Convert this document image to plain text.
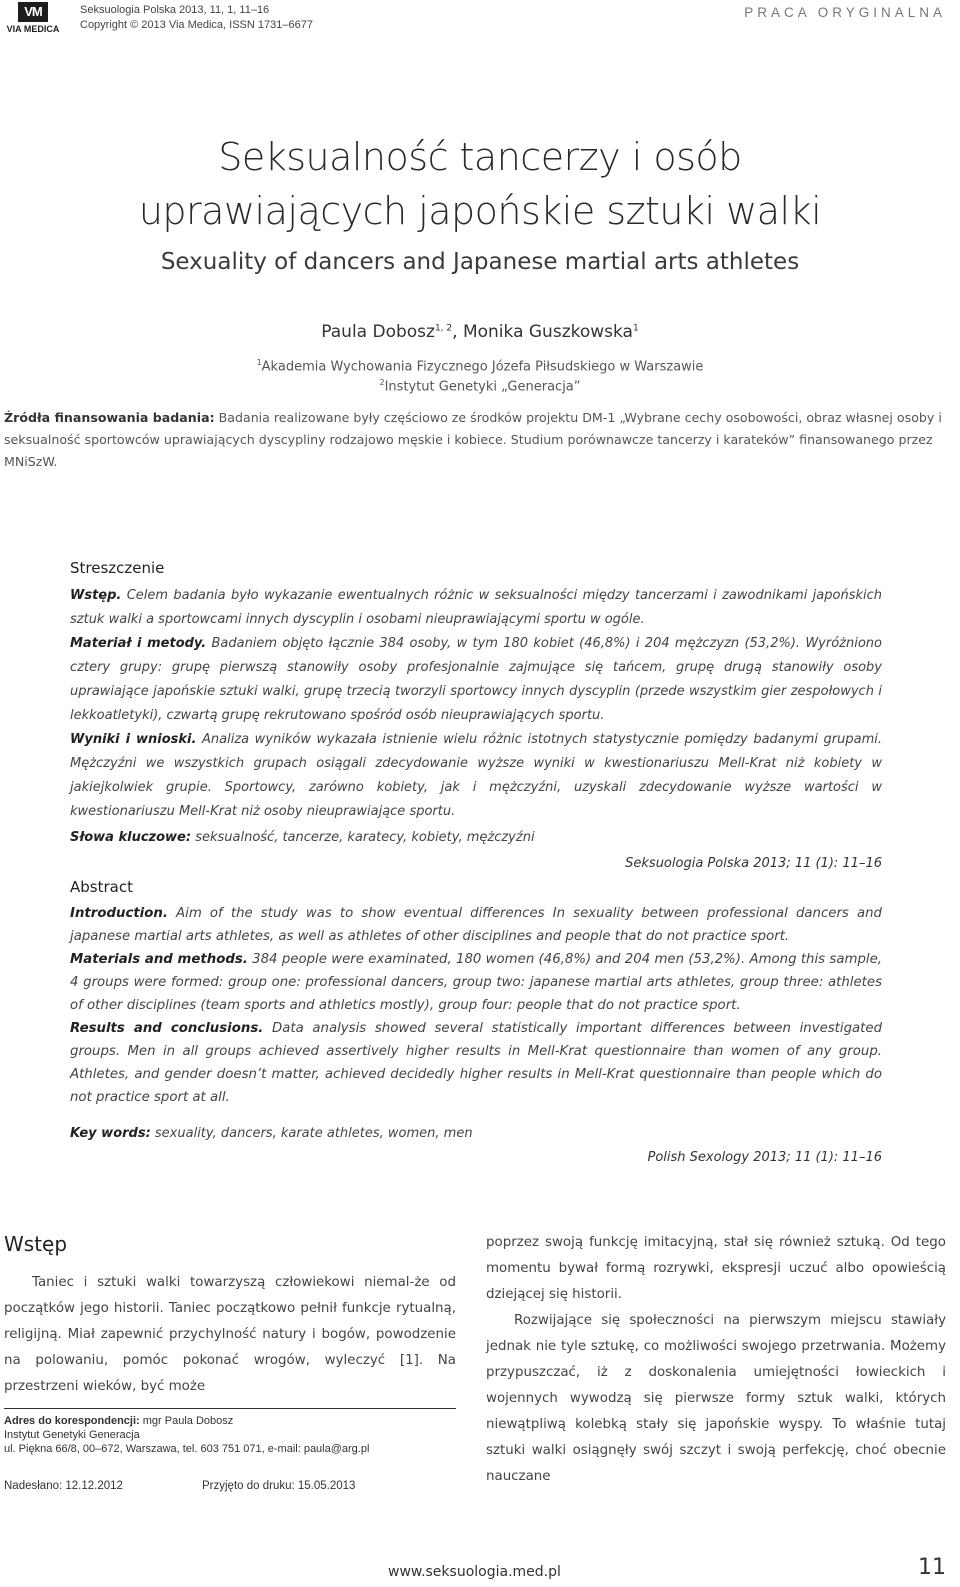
VM
VIA MEDICA
Seksuologia Polska 2013, 11, 1, 11–16
Copyright © 2013 Via Medica, ISSN 1731–6677
PRACA ORYGINALNA
Seksualność tancerzy i osób
uprawiających japońskie sztuki walki
Sexuality of dancers and Japanese martial arts athletes
Paula Dobosz$^{1, 2}$, Monika Guszkowska$^1$
$^1$Akademia Wychowania Fizycznego Józefa Piłsudskiego w Warszawie
$^2$Instytut Genetyki „Generacja”
Źródła finansowania badania: Badania realizowane były częściowo ze środków projektu DM-1 „Wybrane cechy osobowości, obraz własnej osoby i seksualność sportowców uprawiających dyscypliny rodzajowo męskie i kobiece. Studium porównawcze tancerzy i karateków” finansowanego przez MNiSzW.
Streszczenie
Wstęp. Celem badania było wykazanie ewentualnych różnic w seksualności między tancerzami i zawodnikami japońskich sztuk walki a sportowcami innych dyscyplin i osobami nieuprawiającymi sportu w ogóle.
Materiał i metody. Badaniem objęto łącznie 384 osoby, w tym 180 kobiet (46,8%) i 204 mężczyzn (53,2%). Wyróżniono cztery grupy: grupę pierwszą stanowiły osoby profesjonalnie zajmujące się tańcem, grupę drugą stanowiły osoby uprawiające japońskie sztuki walki, grupę trzecią tworzyli sportowcy innych dyscyplin (przede wszystkim gier zespołowych i lekkoatletyki), czwartą grupę rekrutowano spośród osób nieuprawiających sportu.
Wyniki i wnioski. Analiza wyników wykazała istnienie wielu różnic istotnych statystycznie pomiędzy badanymi grupami. Mężczyźni we wszystkich grupach osiągali zdecydowanie wyższe wyniki w kwestionariuszu Mell-Krat niż kobiety w jakiejkolwiek grupie. Sportowcy, zarówno kobiety, jak i mężczyźni, uzyskali zdecydowanie wyższe wartości w kwestionariuszu Mell-Krat niż osoby nieuprawiające sportu.
Słowa kluczowe: seksualność, tancerze, karatecy, kobiety, mężczyźni
Seksuologia Polska 2013; 11 (1): 11–16
Abstract
Introduction. Aim of the study was to show eventual differences In sexuality between professional dancers and japanese martial arts athletes, as well as athletes of other disciplines and people that do not practice sport.
Materials and methods. 384 people were examinated, 180 women (46,8%) and 204 men (53,2%). Among this sample, 4 groups were formed: group one: professional dancers, group two: japanese martial arts athletes, group three: athletes of other disciplines (team sports and athletics mostly), group four: people that do not practice sport.
Results and conclusions. Data analysis showed several statistically important differences between investigated groups. Men in all groups achieved assertively higher results in Mell-Krat questionnaire than women of any group. Athletes, and gender doesn’t matter, achieved decidedly higher results in Mell-Krat questionnaire than people which do not practice sport at all.
Key words: sexuality, dancers, karate athletes, women, men
Polish Sexology 2013; 11 (1): 11–16
Wstęp

Taniec i sztuki walki towarzyszą człowiekowi niemal-że od początków jego historii. Taniec początkowo pełnił funkcje rytualną, religijną. Miał zapewnić przychylność natury i bogów, powodzenie na polowaniu, pomóc pokonać wrogów, wyleczyć [1]. Na przestrzeni wieków, być może

poprzez swoją funkcję imitacyjną, stał się również sztuką. Od tego momentu bywał formą rozrywki, ekspresji uczuć albo opowieścią dziejącej się historii.

Rozwijające się społeczności na pierwszym miejscu stawiały jednak nie tyle sztukę, co możliwości swojego przetrwania. Możemy przypuszczać, iż z doskonalenia umiejętności łowieckich i wojennych wywodzą się pierwsze formy sztuk walki, których niewątpliwą kolebką stały się japońskie wyspy. To właśnie tutaj sztuki walki osiągnęły swój szczyt i swoją perfekcję, choć obecnie nauczane

Adres do korespondencji: mgr Paula Dobosz
Instytut Genetyki Generacja
ul. Piękna 66/8, 00–672, Warszawa, tel. 603 751 071, e-mail: paula@arg.pl
Nadesłano: 12.12.2012	Przyjęto do druku: 15.05.2013
www.seksuologia.med.pl	11
